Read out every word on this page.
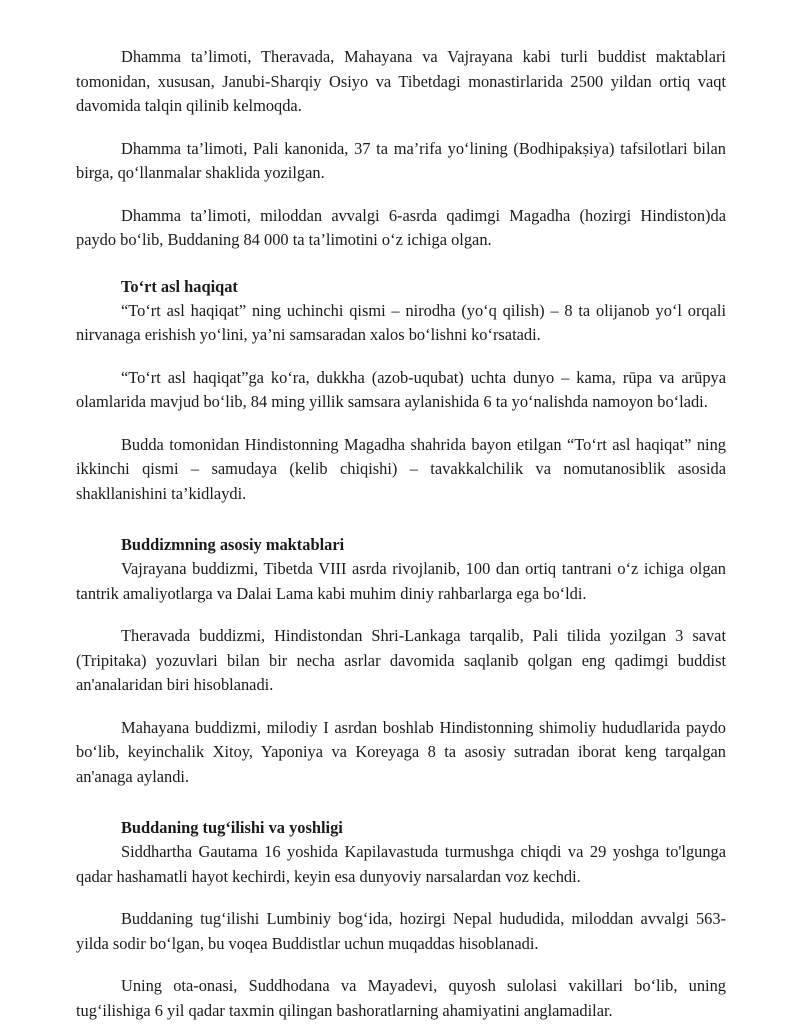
Dhamma ta’limoti, Theravada, Mahayana va Vajrayana kabi turli buddist maktablari tomonidan, xususan, Janubi-Sharqiy Osiyo va Tibetdagi monastirlarida 2500 yildan ortiq vaqt davomida talqin qilinib kelmoqda.

Dhamma ta’limoti, Pali kanonida, 37 ta ma’rifa yo‘lining (Bodhipakṣiya) tafsilotlari bilan birga, qo‘llanmalar shaklida yozilgan.

Dhamma ta’limoti, miloddan avvalgi 6-asrda qadimgi Magadha (hozirgi Hindiston)da paydo bo‘lib, Buddaning 84 000 ta ta’limotini o‘z ichiga olgan.

To‘rt asl haqiqat

“To‘rt asl haqiqat” ning uchinchi qismi – nirodha (yo‘q qilish) – 8 ta olijanob yo‘l orqali nirvanaga erishish yo‘lini, ya’ni samsaradan xalos bo‘lishni ko‘rsatadi.

“To‘rt asl haqiqat”ga ko‘ra, dukkha (azob-uqubat) uchta dunyo – kama, rūpa va arūpya olamlarida mavjud bo‘lib, 84 ming yillik samsara aylanishida 6 ta yo‘nalishda namoyon bo‘ladi.

Budda tomonidan Hindistonning Magadha shahrida bayon etilgan “To‘rt asl haqiqat” ning ikkinchi qismi – samudaya (kelib chiqishi) – tavakkalchilik va nomutanosiblik asosida shakllanishini ta’kidlaydi.

Buddizmning asosiy maktablari

Vajrayana buddizmi, Tibetda VIII asrda rivojlanib, 100 dan ortiq tantrani o‘z ichiga olgan tantrik amaliyotlarga va Dalai Lama kabi muhim diniy rahbarlarga ega bo‘ldi.

Theravada buddizmi, Hindistondan Shri-Lankaga tarqalib, Pali tilida yozilgan 3 savat (Tripitaka) yozuvlari bilan bir necha asrlar davomida saqlanib qolgan eng qadimgi buddist an'analaridan biri hisoblanadi.

Mahayana buddizmi, milodiy I asrdan boshlab Hindistonning shimoliy hududlarida paydo bo‘lib, keyinchalik Xitoy, Yaponiya va Koreyaga 8 ta asosiy sutradan iborat keng tarqalgan an'anaga aylandi.

Buddaning tug‘ilishi va yoshligi

Siddhartha Gautama 16 yoshida Kapilavastuda turmushga chiqdi va 29 yoshga to'lgunga qadar hashamatli hayot kechirdi, keyin esa dunyoviy narsalardan voz kechdi.

Buddaning tug‘ilishi Lumbiniy bog‘ida, hozirgi Nepal hududida, miloddan avvalgi 563-yilda sodir bo‘lgan, bu voqea Buddistlar uchun muqaddas hisoblanadi.

Uning ota-onasi, Suddhodana va Mayadevi, quyosh sulolasi vakillari bo‘lib, uning tug‘ilishiga 6 yil qadar taxmin qilingan bashoratlarning ahamiyatini anglamadilar.
